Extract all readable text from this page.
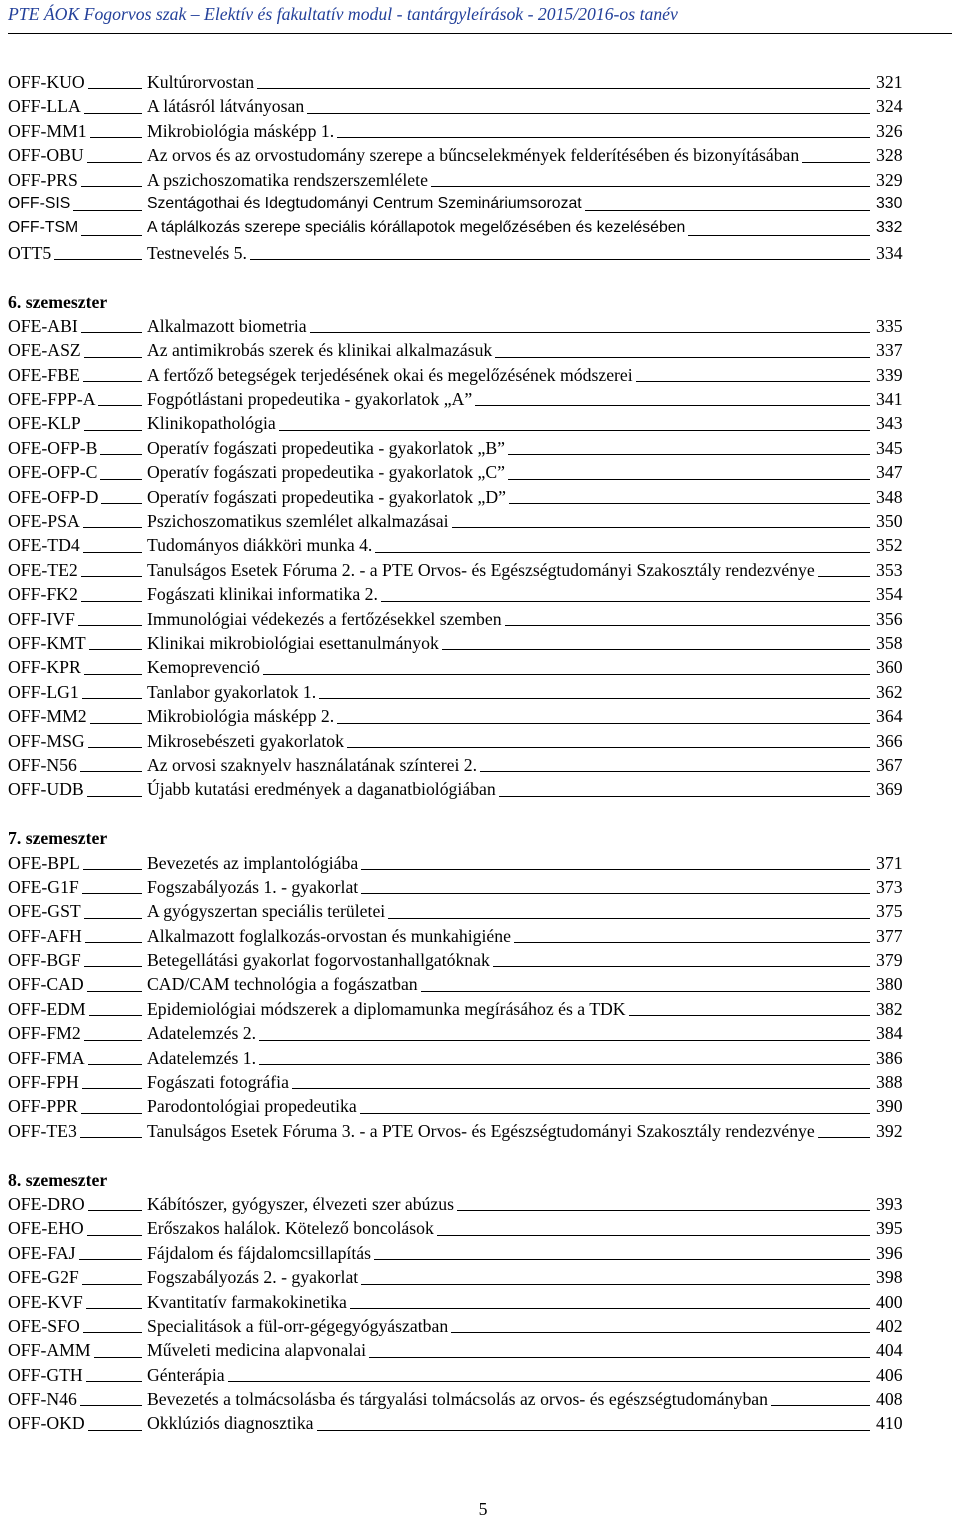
PTE ÁOK Fogorvos szak – Elektív és fakultatív modul - tantárgyleírások - 2015/2016-os tanév
OFF-KUO	Kultúrorvostan	321
OFF-LLA	A látásról látványosan	324
OFF-MM1	Mikrobiológia másképp 1.	326
OFF-OBU	Az orvos és az orvostudomány szerepe a bűncselekmények felderítésében és bizonyításában	328
OFF-PRS	A pszichoszomatika rendszerszemlélete	329
OFF-SIS	Szentágothai és Idegtudományi Centrum Szemináriumsorozat	330
OFF-TSM	A táplálkozás szerepe speciális kórállapotok megelőzésében és kezelésében	332
OTT5	Testnevelés 5.	334
6. szemeszter
OFE-ABI	Alkalmazott biometria	335
OFE-ASZ	Az antimikrobás szerek és klinikai alkalmazásuk	337
OFE-FBE	A fertőző betegségek terjedésének okai és megelőzésének módszerei	339
OFE-FPP-A	Fogpótlástani propedeutika - gyakorlatok „A”	341
OFE-KLP	Klinikopathológia	343
OFE-OFP-B	Operatív fogászati propedeutika - gyakorlatok „B”	345
OFE-OFP-C	Operatív fogászati propedeutika - gyakorlatok „C”	347
OFE-OFP-D	Operatív fogászati propedeutika - gyakorlatok „D”	348
OFE-PSA	Pszichoszomatikus szemlélet alkalmazásai	350
OFE-TD4	Tudományos diákköri munka 4.	352
OFE-TE2	Tanulságos Esetek Fóruma 2. - a PTE Orvos- és Egészségtudományi Szakosztály rendezvénye	353
OFF-FK2	Fogászati klinikai informatika 2.	354
OFF-IVF	Immunológiai védekezés a fertőzésekkel szemben	356
OFF-KMT	Klinikai mikrobiológiai esettanulmányok	358
OFF-KPR	Kemoprevenció	360
OFF-LG1	Tanlabor gyakorlatok 1.	362
OFF-MM2	Mikrobiológia másképp 2.	364
OFF-MSG	Mikrosebészeti gyakorlatok	366
OFF-N56	Az orvosi szaknyelv használatának színterei 2.	367
OFF-UDB	Újabb kutatási eredmények a daganatbiológiában	369
7. szemeszter
OFE-BPL	Bevezetés az implantológiába	371
OFE-G1F	Fogszabályozás 1. - gyakorlat	373
OFE-GST	A gyógyszertan speciális területei	375
OFF-AFH	Alkalmazott foglalkozás-orvostan és munkahigiéne	377
OFF-BGF	Betegellátási gyakorlat fogorvostanhallgatóknak	379
OFF-CAD	CAD/CAM technológia a fogászatban	380
OFF-EDM	Epidemiológiai módszerek a diplomamunka megírásához és a TDK	382
OFF-FM2	Adatelemzés 2.	384
OFF-FMA	Adatelemzés 1.	386
OFF-FPH	Fogászati fotográfia	388
OFF-PPR	Parodontológiai propedeutika	390
OFF-TE3	Tanulságos Esetek Fóruma 3. - a PTE Orvos- és Egészségtudományi Szakosztály rendezvénye	392
8. szemeszter
OFE-DRO	Kábítószer, gyógyszer, élvezeti szer abúzus	393
OFE-EHO	Erőszakos halálok. Kötelező boncolások	395
OFE-FAJ	Fájdalom és fájdalomcsillapítás	396
OFE-G2F	Fogszabályozás 2. - gyakorlat	398
OFE-KVF	Kvantitatív farmakokinetika	400
OFE-SFO	Specialitások a fül-orr-gégegyógyászatban	402
OFF-AMM	Műveleti medicina alapvonalai	404
OFF-GTH	Génterápia	406
OFF-N46	Bevezetés a tolmácsolásba és tárgyalási tolmácsolás az orvos- és egészségtudományban	408
OFF-OKD	Okklúziós diagnosztika	410
5
